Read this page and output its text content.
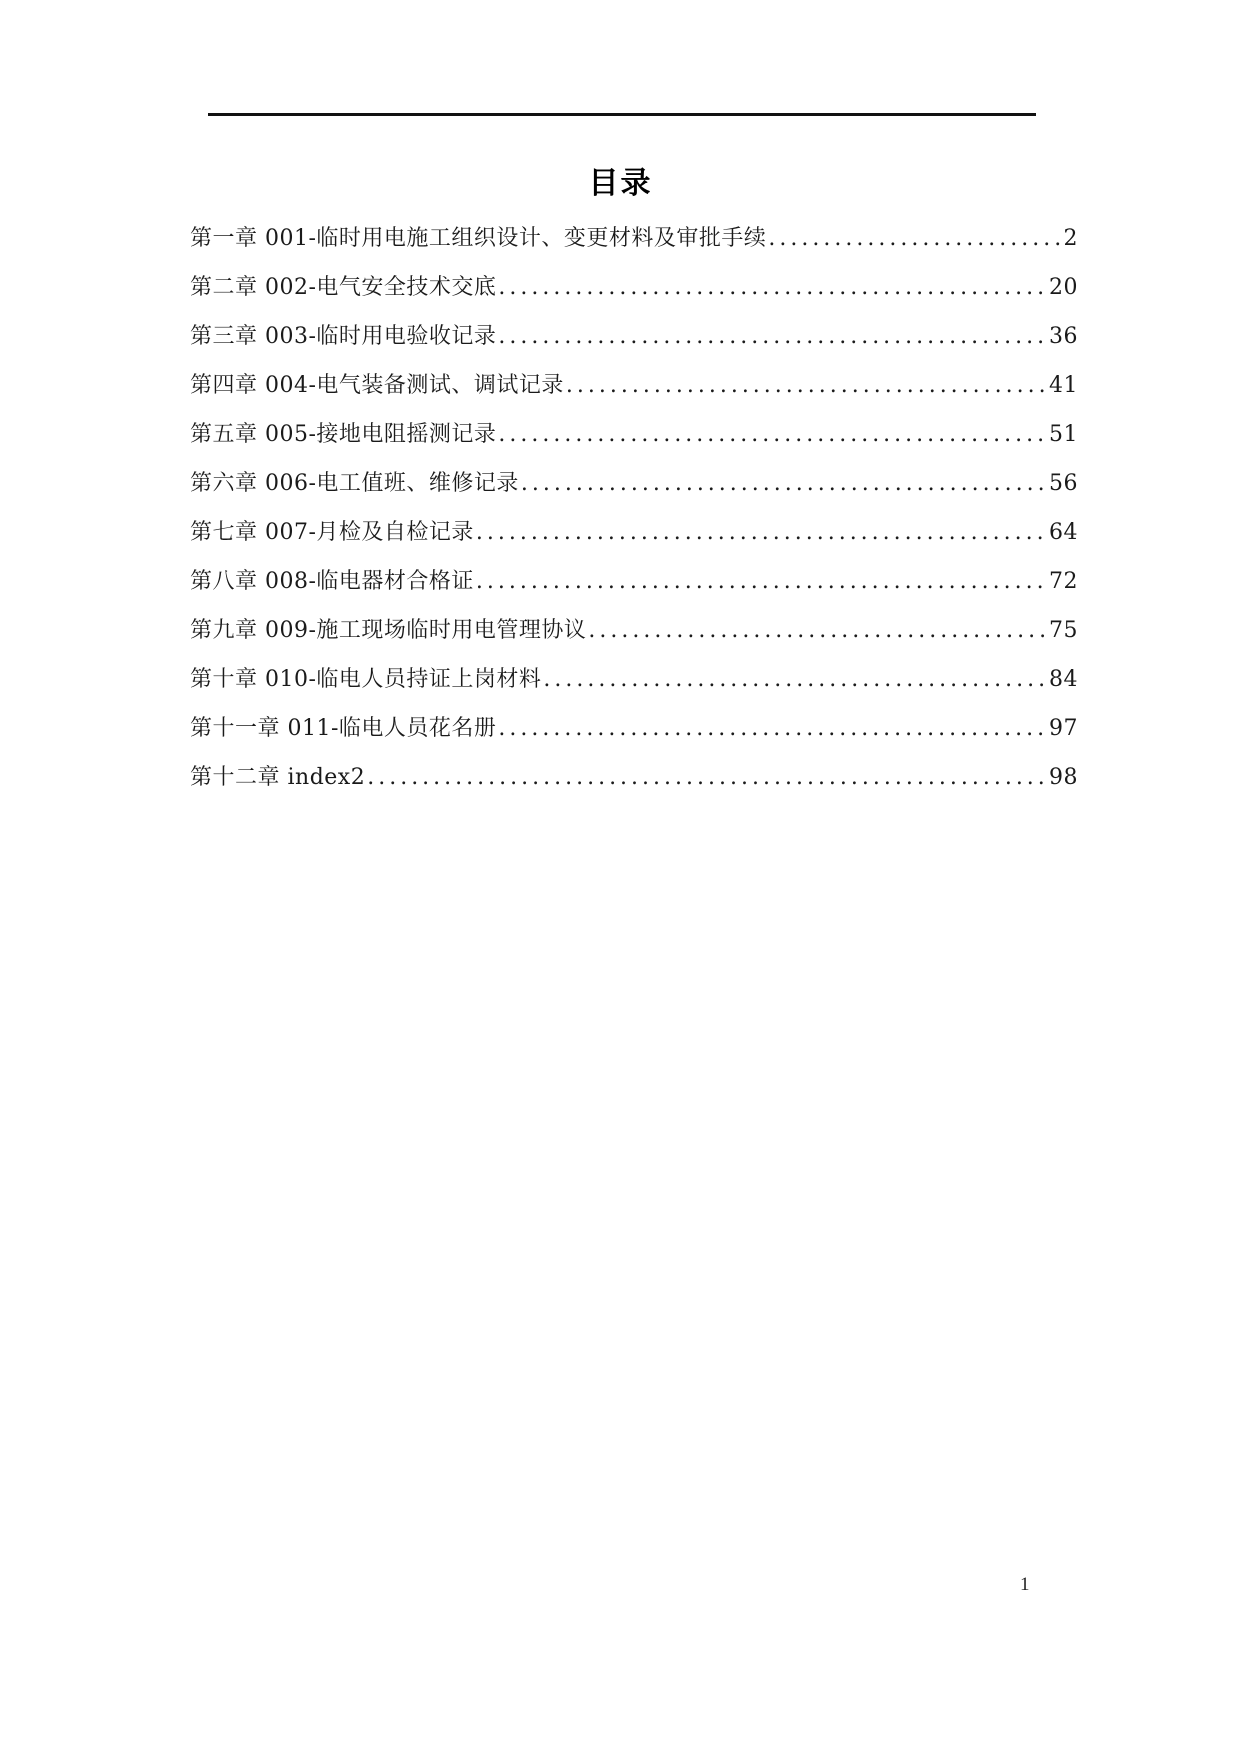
目录
第一章 001-临时用电施工组织设计、变更材料及审批手续 .....	2
第二章 002-电气安全技术交底 .....	20
第三章 003-临时用电验收记录 .....	36
第四章 004-电气装备测试、调试记录 .....	41
第五章 005-接地电阻摇测记录 .....	51
第六章 006-电工值班、维修记录 .....	56
第七章 007-月检及自检记录 .....	64
第八章 008-临电器材合格证 .....	72
第九章 009-施工现场临时用电管理协议 .....	75
第十章 010-临电人员持证上岗材料 .....	84
第十一章 011-临电人员花名册 .....	97
第十二章 index2 .....	98
1
